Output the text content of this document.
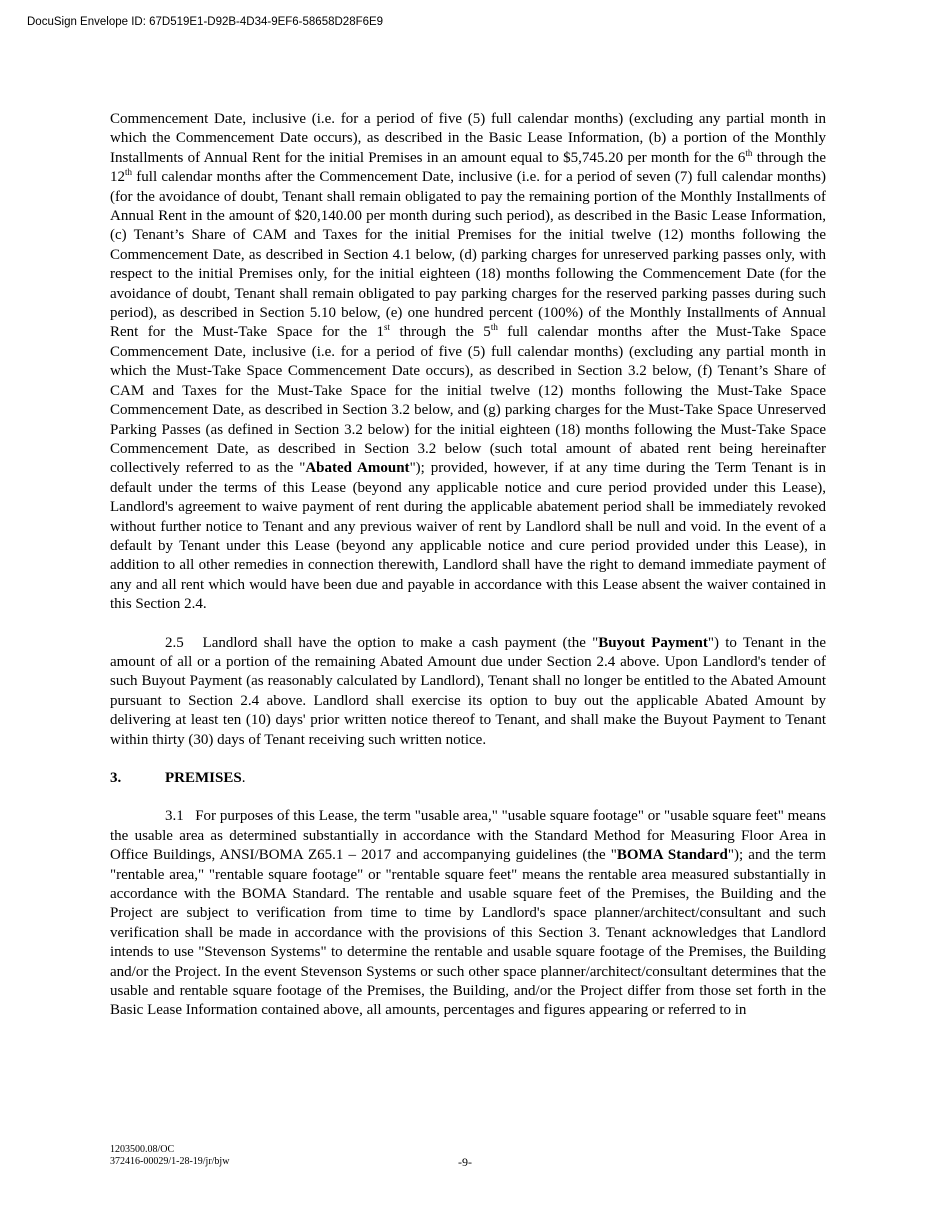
DocuSign Envelope ID: 67D519E1-D92B-4D34-9EF6-58658D28F6E9

Commencement Date, inclusive (i.e. for a period of five (5) full calendar months) (excluding any partial month in which the Commencement Date occurs), as described in the Basic Lease Information, (b) a portion of the Monthly Installments of Annual Rent for the initial Premises in an amount equal to $5,745.20 per month for the 6th through the 12th full calendar months after the Commencement Date, inclusive (i.e. for a period of seven (7) full calendar months) (for the avoidance of doubt, Tenant shall remain obligated to pay the remaining portion of the Monthly Installments of Annual Rent in the amount of $20,140.00 per month during such period), as described in the Basic Lease Information, (c) Tenant’s Share of CAM and Taxes for the initial Premises for the initial twelve (12) months following the Commencement Date, as described in Section 4.1 below, (d) parking charges for unreserved parking passes only, with respect to the initial Premises only, for the initial eighteen (18) months following the Commencement Date (for the avoidance of doubt, Tenant shall remain obligated to pay parking charges for the reserved parking passes during such period), as described in Section 5.10 below, (e) one hundred percent (100%) of the Monthly Installments of Annual Rent for the Must-Take Space for the 1st through the 5th full calendar months after the Must-Take Space Commencement Date, inclusive (i.e. for a period of five (5) full calendar months) (excluding any partial month in which the Must-Take Space Commencement Date occurs), as described in Section 3.2 below, (f) Tenant’s Share of CAM and Taxes for the Must-Take Space for the initial twelve (12) months following the Must-Take Space Commencement Date, as described in Section 3.2 below, and (g) parking charges for the Must-Take Space Unreserved Parking Passes (as defined in Section 3.2 below) for the initial eighteen (18) months following the Must-Take Space Commencement Date, as described in Section 3.2 below (such total amount of abated rent being hereinafter collectively referred to as the "Abated Amount"); provided, however, if at any time during the Term Tenant is in default under the terms of this Lease (beyond any applicable notice and cure period provided under this Lease), Landlord's agreement to waive payment of rent during the applicable abatement period shall be immediately revoked without further notice to Tenant and any previous waiver of rent by Landlord shall be null and void. In the event of a default by Tenant under this Lease (beyond any applicable notice and cure period provided under this Lease), in addition to all other remedies in connection therewith, Landlord shall have the right to demand immediate payment of any and all rent which would have been due and payable in accordance with this Lease absent the waiver contained in this Section 2.4.

2.5 Landlord shall have the option to make a cash payment (the "Buyout Payment") to Tenant in the amount of all or a portion of the remaining Abated Amount due under Section 2.4 above. Upon Landlord's tender of such Buyout Payment (as reasonably calculated by Landlord), Tenant shall no longer be entitled to the Abated Amount pursuant to Section 2.4 above. Landlord shall exercise its option to buy out the applicable Abated Amount by delivering at least ten (10) days' prior written notice thereof to Tenant, and shall make the Buyout Payment to Tenant within thirty (30) days of Tenant receiving such written notice.

3.	PREMISES.

3.1 For purposes of this Lease, the term "usable area," "usable square footage" or "usable square feet" means the usable area as determined substantially in accordance with the Standard Method for Measuring Floor Area in Office Buildings, ANSI/BOMA Z65.1 – 2017 and accompanying guidelines (the "BOMA Standard"); and the term "rentable area," "rentable square footage" or "rentable square feet" means the rentable area measured substantially in accordance with the BOMA Standard. The rentable and usable square feet of the Premises, the Building and the Project are subject to verification from time to time by Landlord's space planner/architect/consultant and such verification shall be made in accordance with the provisions of this Section 3. Tenant acknowledges that Landlord intends to use "Stevenson Systems" to determine the rentable and usable square footage of the Premises, the Building and/or the Project. In the event Stevenson Systems or such other space planner/architect/consultant determines that the usable and rentable square footage of the Premises, the Building, and/or the Project differ from those set forth in the Basic Lease Information contained above, all amounts, percentages and figures appearing or referred to in

1203500.08/OC
372416-00029/1-28-19/jr/bjw	-9-
